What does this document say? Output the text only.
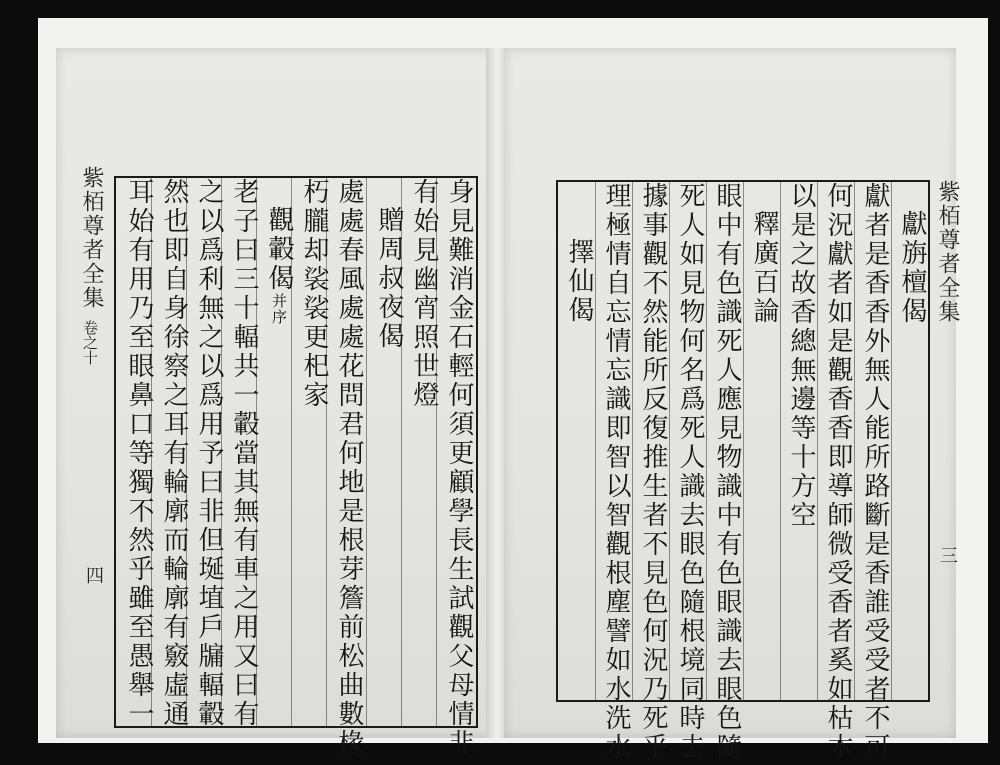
身見難消金石輕何須更顧學長生試觀父母情非
有始見幽宵照世燈
贈周叔夜偈
處處春風處處花問君何地是根芽簷前松曲數椽
朽朧却裟裟更𣏌家
觀轂偈并序
老子曰三十輻共一轂當其無有車之用又曰有
之以爲利無之以爲用予曰非但埏埴戶牖輻轂
然也即自身徐察之耳有輪廓而輪廓有竅虛通
耳始有用乃至眼鼻口等獨不然乎雖至愚舉一
紫栢尊者全集
卷之十
四
獻旃檀偈
獻者是香香外無人能所路斷是香誰受受者不可
何況獻者如是觀香香即導師微受香者奚如枯木
以是之故香總無邊等十方空
釋廣百論
眼中有色識死人應見物識中有色眼識去眼色隨
死人如見物何名爲死人識去眼色隨根境同時去
據事觀不然能所反復推生者不見色何況乃死乎
理極情自忘情忘識即智以智觀根塵譬如水洗水
擇仙偈	紫栢尊者全集
三
